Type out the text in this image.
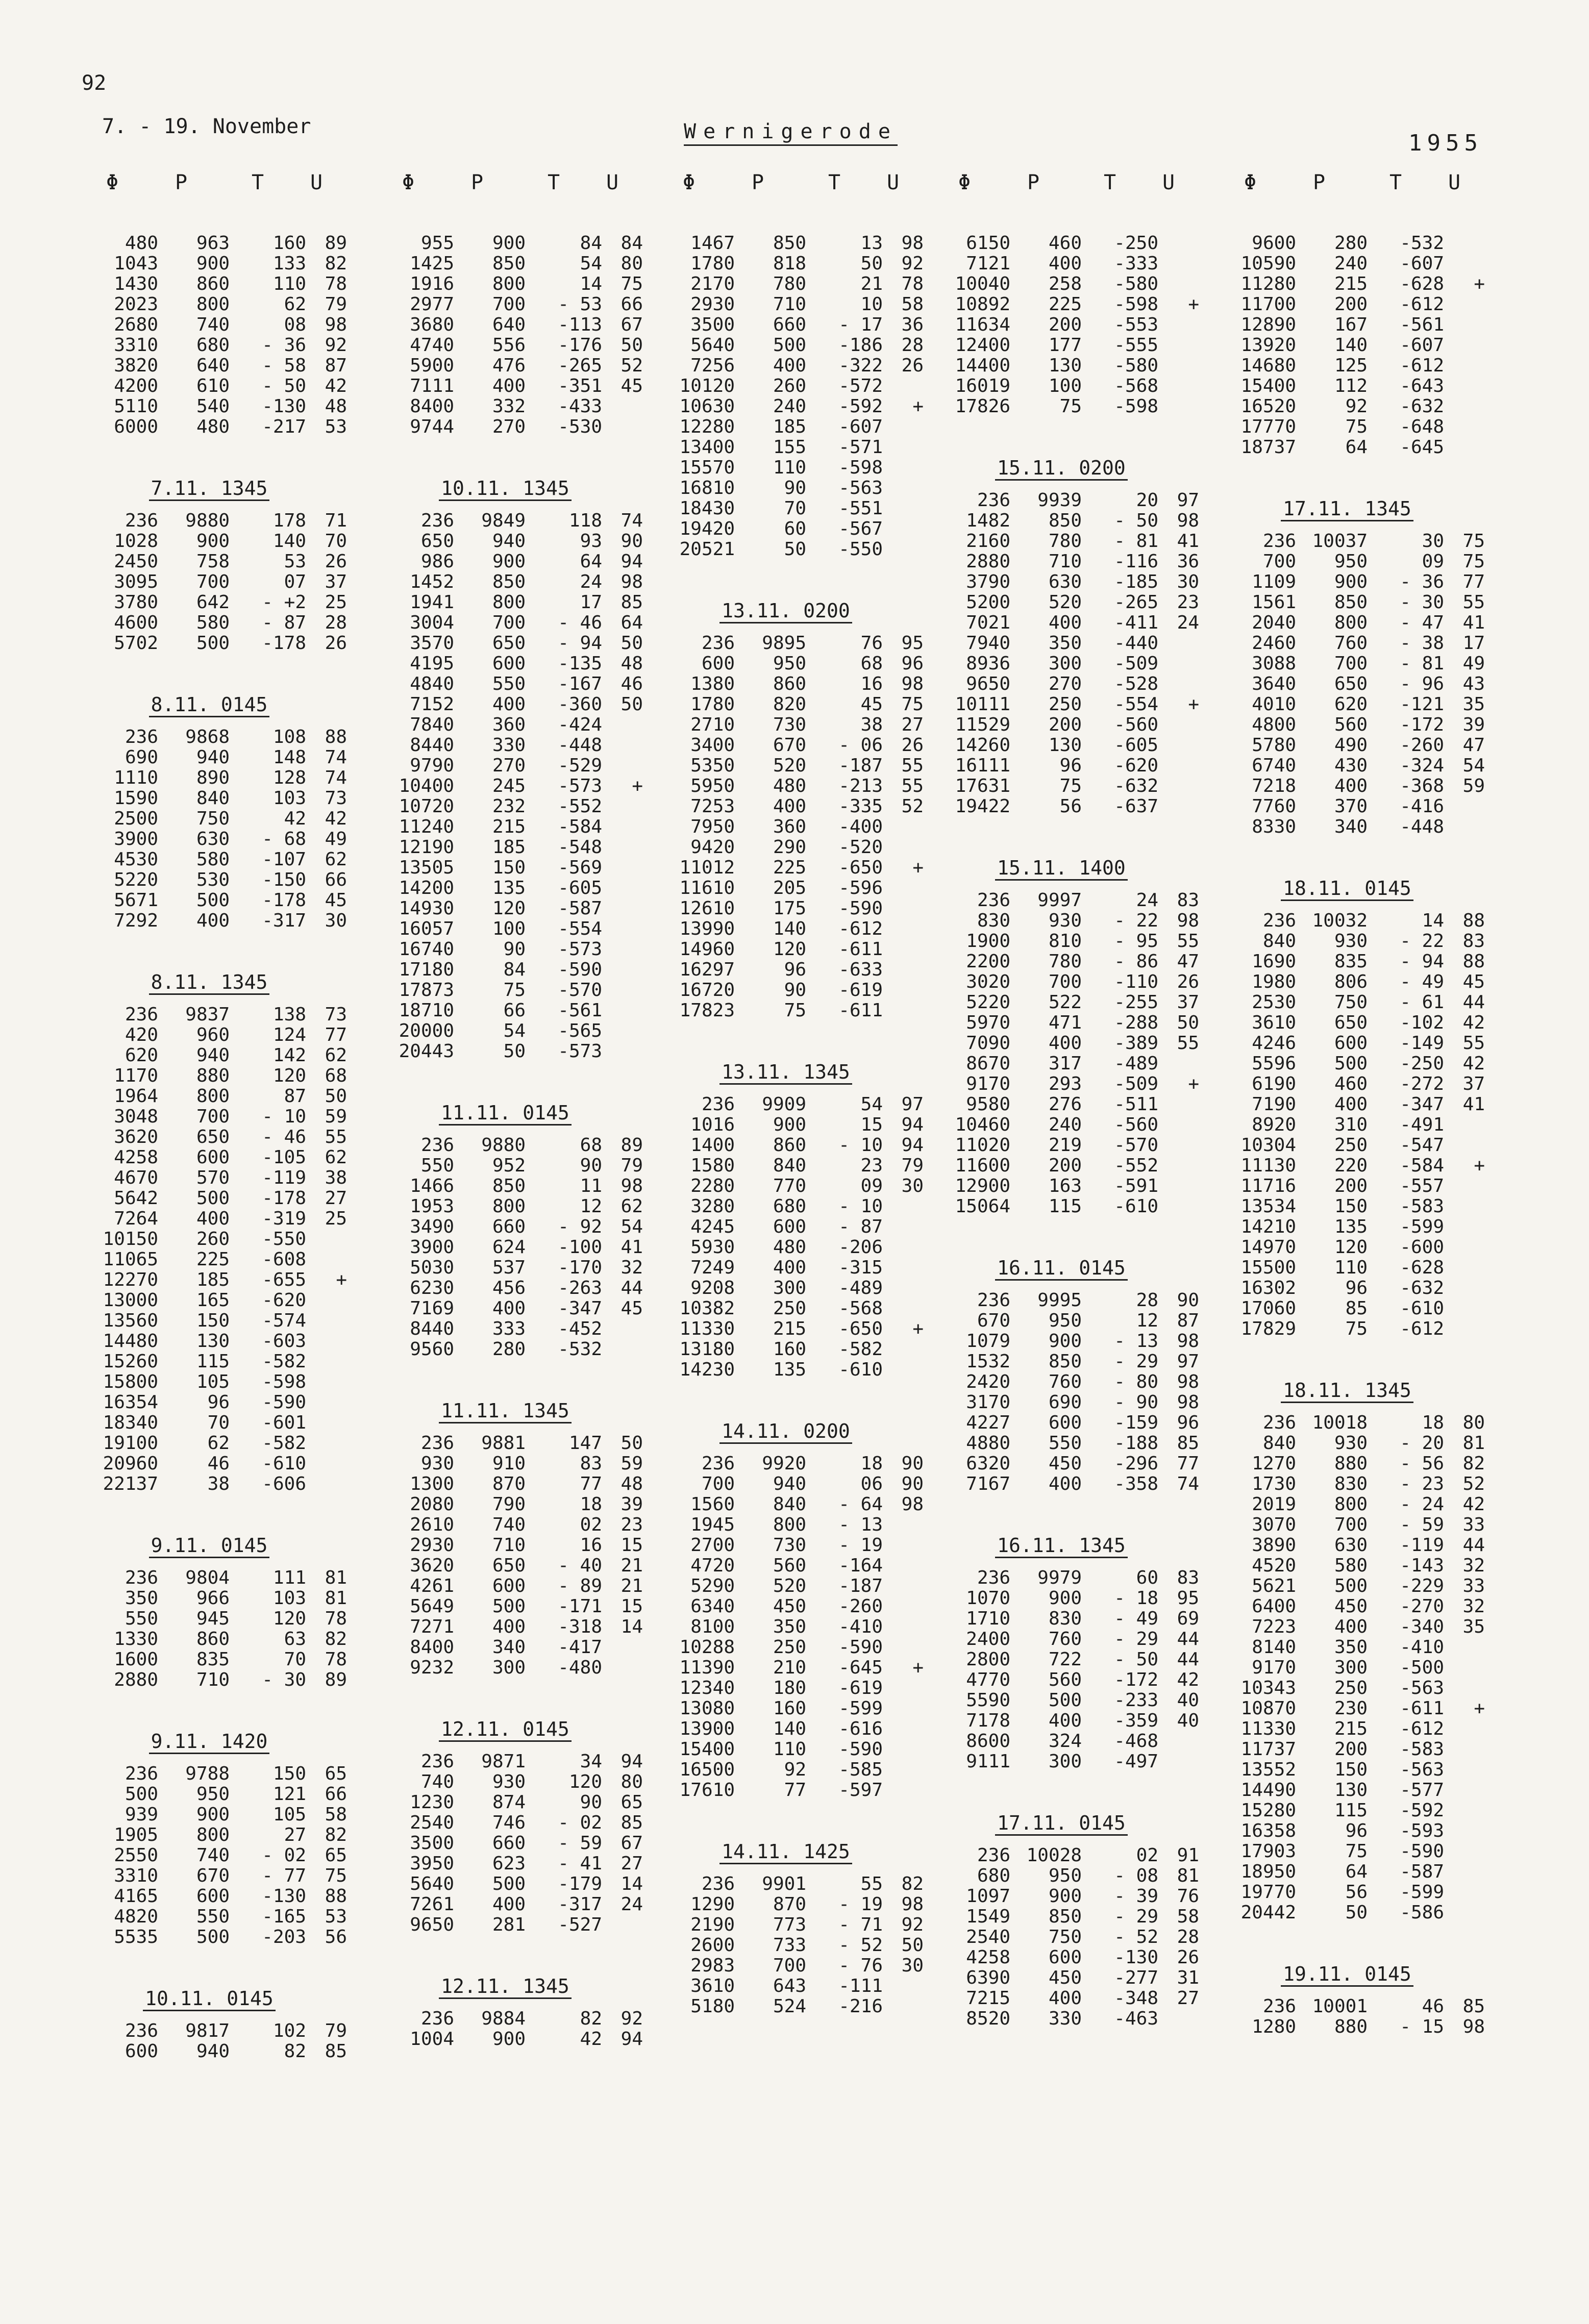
92
7. - 19. November	Wernigerode	1955
Φ	P	T	U
480	963	160	89
1043	900	133	82
1430	860	110	78
2023	800	62	79
2680	740	08	98
3310	680	- 36	92
3820	640	- 58	87
4200	610	- 50	42
5110	540	-130	48
6000	480	-217	53
7.11. 1345
236	9880	178	71
1028	900	140	70
2450	758	53	26
3095	700	07	37
3780	642	- +2	25
4600	580	- 87	28
5702	500	-178	26
8.11. 0145
236	9868	108	88
690	940	148	74
1110	890	128	74
1590	840	103	73
2500	750	42	42
3900	630	- 68	49
4530	580	-107	62
5220	530	-150	66
5671	500	-178	45
7292	400	-317	30
8.11. 1345
236	9837	138	73
420	960	124	77
620	940	142	62
1170	880	120	68
1964	800	87	50
3048	700	- 10	59
3620	650	- 46	55
4258	600	-105	62
4670	570	-119	38
5642	500	-178	27
7264	400	-319	25
10150	260	-550
11065	225	-608
12270	185	-655	+
13000	165	-620
13560	150	-574
14480	130	-603
15260	115	-582
15800	105	-598
16354	96	-590
18340	70	-601
19100	62	-582
20960	46	-610
22137	38	-606
9.11. 0145
236	9804	111	81
350	966	103	81
550	945	120	78
1330	860	63	82
1600	835	70	78
2880	710	- 30	89
9.11. 1420
236	9788	150	65
500	950	121	66
939	900	105	58
1905	800	27	82
2550	740	- 02	65
3310	670	- 77	75
4165	600	-130	88
4820	550	-165	53
5535	500	-203	56
10.11. 0145
236	9817	102	79
600	940	82	85
Φ	P	T	U
955	900	84	84
1425	850	54	80
1916	800	14	75
2977	700	- 53	66
3680	640	-113	67
4740	556	-176	50
5900	476	-265	52
7111	400	-351	45
8400	332	-433
9744	270	-530
10.11. 1345
236	9849	118	74
650	940	93	90
986	900	64	94
1452	850	24	98
1941	800	17	85
3004	700	- 46	64
3570	650	- 94	50
4195	600	-135	48
4840	550	-167	46
7152	400	-360	50
7840	360	-424
8440	330	-448
9790	270	-529
10400	245	-573	+
10720	232	-552
11240	215	-584
12190	185	-548
13505	150	-569
14200	135	-605
14930	120	-587
16057	100	-554
16740	90	-573
17180	84	-590
17873	75	-570
18710	66	-561
20000	54	-565
20443	50	-573
11.11. 0145
236	9880	68	89
550	952	90	79
1466	850	11	98
1953	800	12	62
3490	660	- 92	54
3900	624	-100	41
5030	537	-170	32
6230	456	-263	44
7169	400	-347	45
8440	333	-452
9560	280	-532
11.11. 1345
236	9881	147	50
930	910	83	59
1300	870	77	48
2080	790	18	39
2610	740	02	23
2930	710	16	15
3620	650	- 40	21
4261	600	- 89	21
5649	500	-171	15
7271	400	-318	14
8400	340	-417
9232	300	-480
12.11. 0145
236	9871	34	94
740	930	120	80
1230	874	90	65
2540	746	- 02	85
3500	660	- 59	67
3950	623	- 41	27
5640	500	-179	14
7261	400	-317	24
9650	281	-527
12.11. 1345
236	9884	82	92
1004	900	42	94
Φ	P	T	U
1467	850	13	98
1780	818	50	92
2170	780	21	78
2930	710	10	58
3500	660	- 17	36
5640	500	-186	28
7256	400	-322	26
10120	260	-572
10630	240	-592	+
12280	185	-607
13400	155	-571
15570	110	-598
16810	90	-563
18430	70	-551
19420	60	-567
20521	50	-550
13.11. 0200
236	9895	76	95
600	950	68	96
1380	860	16	98
1780	820	45	75
2710	730	38	27
3400	670	- 06	26
5350	520	-187	55
5950	480	-213	55
7253	400	-335	52
7950	360	-400
9420	290	-520
11012	225	-650	+
11610	205	-596
12610	175	-590
13990	140	-612
14960	120	-611
16297	96	-633
16720	90	-619
17823	75	-611
13.11. 1345
236	9909	54	97
1016	900	15	94
1400	860	- 10	94
1580	840	23	79
2280	770	09	30
3280	680	- 10
4245	600	- 87
5930	480	-206
7249	400	-315
9208	300	-489
10382	250	-568
11330	215	-650	+
13180	160	-582
14230	135	-610
14.11. 0200
236	9920	18	90
700	940	06	90
1560	840	- 64	98
1945	800	- 13
2700	730	- 19
4720	560	-164
5290	520	-187
6340	450	-260
8100	350	-410
10288	250	-590
11390	210	-645	+
12340	180	-619
13080	160	-599
13900	140	-616
15400	110	-590
16500	92	-585
17610	77	-597
14.11. 1425
236	9901	55	82
1290	870	- 19	98
2190	773	- 71	92
2600	733	- 52	50
2983	700	- 76	30
3610	643	-111
5180	524	-216
Φ	P	T	U
6150	460	-250
7121	400	-333
10040	258	-580
10892	225	-598	+
11634	200	-553
12400	177	-555
14400	130	-580
16019	100	-568
17826	75	-598
15.11. 0200
236	9939	20	97
1482	850	- 50	98
2160	780	- 81	41
2880	710	-116	36
3790	630	-185	30
5200	520	-265	23
7021	400	-411	24
7940	350	-440
8936	300	-509
9650	270	-528
10111	250	-554	+
11529	200	-560
14260	130	-605
16111	96	-620
17631	75	-632
19422	56	-637
15.11. 1400
236	9997	24	83
830	930	- 22	98
1900	810	- 95	55
2200	780	- 86	47
3020	700	-110	26
5220	522	-255	37
5970	471	-288	50
7090	400	-389	55
8670	317	-489
9170	293	-509	+
9580	276	-511
10460	240	-560
11020	219	-570
11600	200	-552
12900	163	-591
15064	115	-610
16.11. 0145
236	9995	28	90
670	950	12	87
1079	900	- 13	98
1532	850	- 29	97
2420	760	- 80	98
3170	690	- 90	98
4227	600	-159	96
4880	550	-188	85
6320	450	-296	77
7167	400	-358	74
16.11. 1345
236	9979	60	83
1070	900	- 18	95
1710	830	- 49	69
2400	760	- 29	44
2800	722	- 50	44
4770	560	-172	42
5590	500	-233	40
7178	400	-359	40
8600	324	-468
9111	300	-497
17.11. 0145
236 10028	02	91
680	950	- 08	81
1097	900	- 39	76
1549	850	- 29	58
2540	750	- 52	28
4258	600	-130	26
6390	450	-277	31
7215	400	-348	27
8520	330	-463
Φ	P	T	U
9600	280	-532
10590	240	-607
11280	215	-628	+
11700	200	-612
12890	167	-561
13920	140	-607
14680	125	-612
15400	112	-643
16520	92	-632
17770	75	-648
18737	64	-645
17.11. 1345
236 10037	30	75
700	950	09	75
1109	900	- 36	77
1561	850	- 30	55
2040	800	- 47	41
2460	760	- 38	17
3088	700	- 81	49
3640	650	- 96	43
4010	620	-121	35
4800	560	-172	39
5780	490	-260	47
6740	430	-324	54
7218	400	-368	59
7760	370	-416
8330	340	-448
18.11. 0145
236 10032	14	88
840	930	- 22	83
1690	835	- 94	88
1980	806	- 49	45
2530	750	- 61	44
3610	650	-102	42
4246	600	-149	55
5596	500	-250	42
6190	460	-272	37
7190	400	-347	41
8920	310	-491
10304	250	-547
11130	220	-584	+
11716	200	-557
13534	150	-583
14210	135	-599
14970	120	-600
15500	110	-628
16302	96	-632
17060	85	-610
17829	75	-612
18.11. 1345
236 10018	18	80
840	930	- 20	81
1270	880	- 56	82
1730	830	- 23	52
2019	800	- 24	42
3070	700	- 59	33
3890	630	-119	44
4520	580	-143	32
5621	500	-229	33
6400	450	-270	32
7223	400	-340	35
8140	350	-410
9170	300	-500
10343	250	-563
10870	230	-611	+
11330	215	-612
11737	200	-583
13552	150	-563
14490	130	-577
15280	115	-592
16358	96	-593
17903	75	-590
18950	64	-587
19770	56	-599
20442	50	-586
19.11. 0145
236 10001	46	85
1280	880	- 15	98
